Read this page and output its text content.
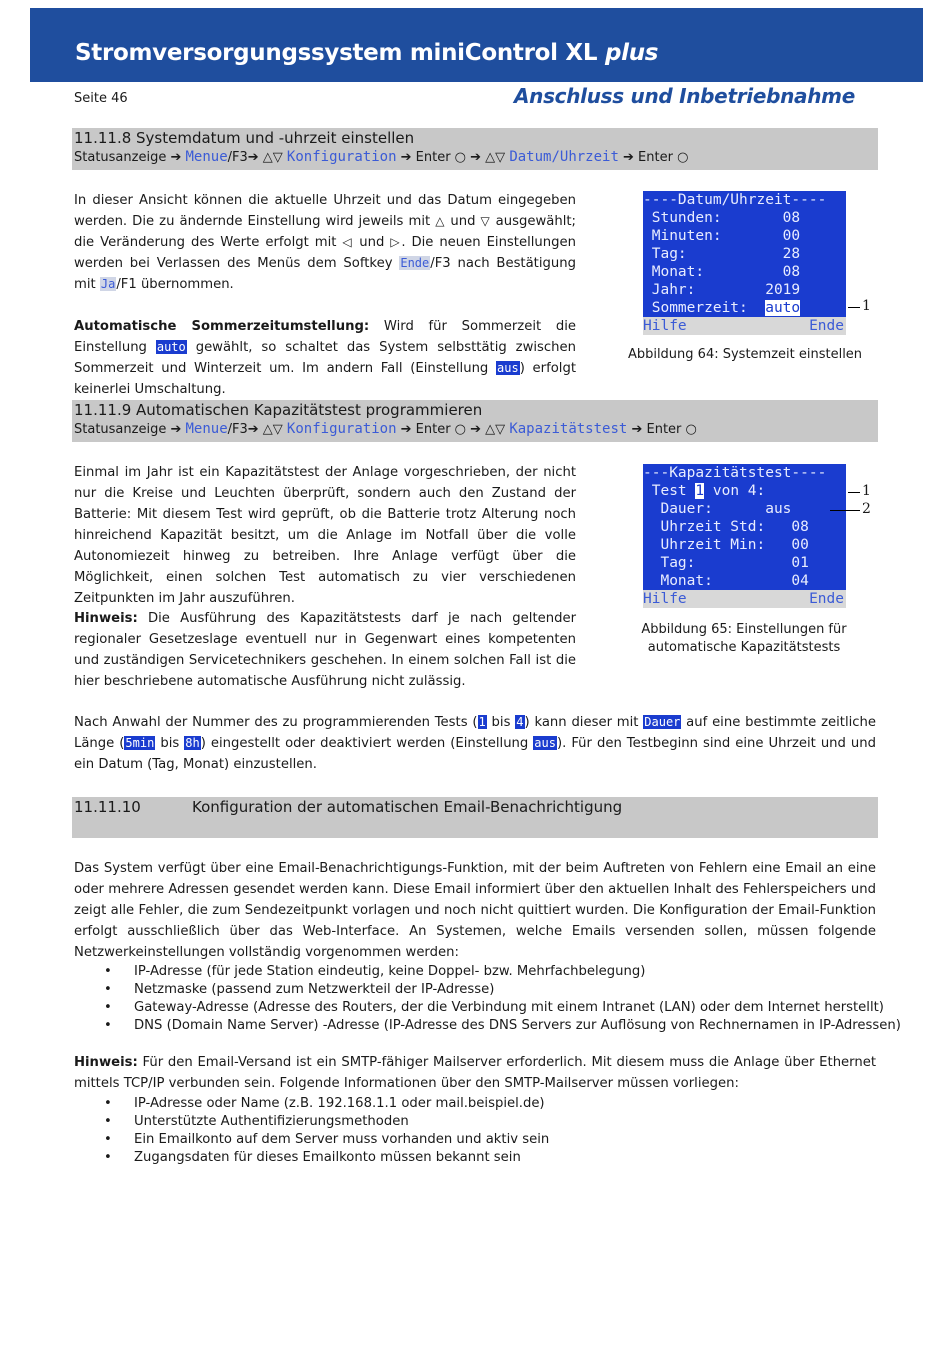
Stromversorgungssystem miniControl XL plus
Seite 46	Anschluss und Inbetriebnahme
11.11.8 Systemdatum und -uhrzeit einstellen
Statusanzeige ➔ Menue/F3➔ △▽ Konfiguration ➔ Enter ○ ➔ △▽ Datum/Uhrzeit ➔ Enter ○

In dieser Ansicht können die aktuelle Uhrzeit und das Datum eingegeben werden. Die zu ändernde Einstellung wird jeweils mit △ und ▽ ausgewählt; die Veränderung des Werte erfolgt mit ◁ und ▷. Die neuen Einstellungen werden bei Verlassen des Menüs dem Softkey Ende/F3 nach Bestätigung mit Ja/F1 übernommen.

Automatische Sommerzeitumstellung: Wird für Sommerzeit die Einstellung auto gewählt, so schaltet das System selbsttätig zwischen Sommerzeit und Winterzeit um. Im andern Fall (Einstellung aus) erfolgt keinerlei Umschaltung.

----Datum/Uhrzeit----
Stunden:       08
Minuten:       00
Tag:           28
Monat:         08
Jahr:        2019
Sommerzeit:  auto
Hilfe	Ende
1
Abbildung 64: Systemzeit einstellen
11.11.9 Automatischen Kapazitätstest programmieren
Statusanzeige ➔ Menue/F3➔ △▽ Konfiguration ➔ Enter ○ ➔ △▽ Kapazitätstest ➔ Enter ○

Einmal im Jahr ist ein Kapazitätstest der Anlage vorgeschrieben, der nicht nur die Kreise und Leuchten überprüft, sondern auch den Zustand der Batterie: Mit diesem Test wird geprüft, ob die Batterie trotz Alterung noch hinreichend Kapazität besitzt, um die Anlage im Notfall über die volle Autonomiezeit hinweg zu betreiben. Ihre Anlage verfügt über die Möglichkeit, einen solchen Test automatisch zu vier verschiedenen Zeitpunkten im Jahr auszuführen.

Hinweis: Die Ausführung des Kapazitätstests darf je nach geltender regionaler Gesetzeslage eventuell nur in Gegenwart eines kompetenten und zuständigen Servicetechnikers geschehen. In einem solchen Fall ist die hier beschriebene automatische Ausführung nicht zulässig.

---Kapazitätstest----
Test 1 von 4:
Dauer:      aus
Uhrzeit Std:   08
Uhrzeit Min:   00
Tag:           01
Monat:         04
Hilfe	Ende
1
2
Abbildung 65: Einstellungen für automatische Kapazitätstests

Nach Anwahl der Nummer des zu programmierenden Tests (1 bis 4) kann dieser mit Dauer auf eine bestimmte zeitliche Länge (5min bis 8h) eingestellt oder deaktiviert werden (Einstellung aus). Für den Testbeginn sind eine Uhrzeit und und ein Datum (Tag, Monat) einzustellen.

11.11.10	Konfiguration der automatischen Email-Benachrichtigung

Das System verfügt über eine Email-Benachrichtigungs-Funktion, mit der beim Auftreten von Fehlern eine Email an eine oder mehrere Adressen gesendet werden kann. Diese Email informiert über den aktuellen Inhalt des Fehlerspeichers und zeigt alle Fehler, die zum Sendezeitpunkt vorlagen und noch nicht quittiert wurden. Die Konfiguration der Email-Funktion erfolgt ausschließlich über das Web-Interface. An Systemen, welche Emails versenden sollen, müssen folgende Netzwerkeinstellungen vollständig vorgenommen werden:

• IP-Adresse (für jede Station eindeutig, keine Doppel- bzw. Mehrfachbelegung)
• Netzmaske (passend zum Netzwerkteil der IP-Adresse)
• Gateway-Adresse (Adresse des Routers, der die Verbindung mit einem Intranet (LAN) oder dem Internet herstellt)
• DNS (Domain Name Server) -Adresse (IP-Adresse des DNS Servers zur Auflösung von Rechnernamen in IP-Adressen)

Hinweis: Für den Email-Versand ist ein SMTP-fähiger Mailserver erforderlich. Mit diesem muss die Anlage über Ethernet mittels TCP/IP verbunden sein. Folgende Informationen über den SMTP-Mailserver müssen vorliegen:

• IP-Adresse oder Name (z.B. 192.168.1.1 oder mail.beispiel.de)
• Unterstützte Authentifizierungsmethoden
• Ein Emailkonto auf dem Server muss vorhanden und aktiv sein
• Zugangsdaten für dieses Emailkonto müssen bekannt sein
